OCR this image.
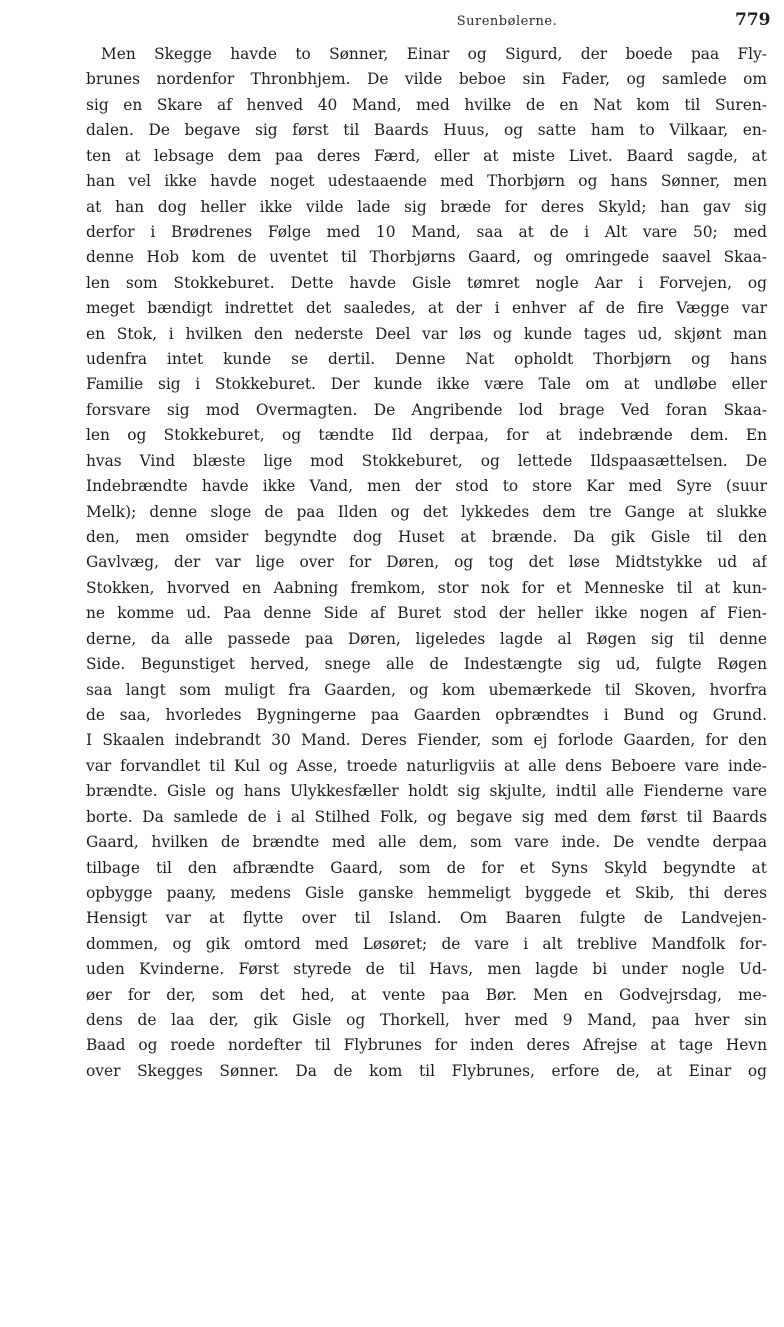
Surenbølerne.	779
Men Skegge havde to Sønner, Einar og Sigurd, der boede paa Fly-
brunes nordenfor Thronbhjem. De vilde beboe sin Fader, og samlede om
sig en Skare af henved 40 Mand, med hvilke de en Nat kom til Suren-
dalen. De begave sig først til Baards Huus, og satte ham to Vilkaar, en-
ten at lebsage dem paa deres Færd, eller at miste Livet. Baard sagde, at
han vel ikke havde noget udestaaende med Thorbjørn og hans Sønner, men
at han dog heller ikke vilde lade sig bræde for deres Skyld; han gav sig
derfor i Brødrenes Følge med 10 Mand, saa at de i Alt vare 50; med
denne Hob kom de uventet til Thorbjørns Gaard, og omringede saavel Skaa-
len som Stokkeburet. Dette havde Gisle tømret nogle Aar i Forvejen, og
meget bændigt indrettet det saaledes, at der i enhver af de fire Vægge var
en Stok, i hvilken den nederste Deel var løs og kunde tages ud, skjønt man
udenfra intet kunde se dertil. Denne Nat opholdt Thorbjørn og hans
Familie sig i Stokkeburet. Der kunde ikke være Tale om at undløbe eller
forsvare sig mod Overmagten. De Angribende lod brage Ved foran Skaa-
len og Stokkeburet, og tændte Ild derpaa, for at indebrænde dem. En
hvas Vind blæste lige mod Stokkeburet, og lettede Ildspaasættelsen. De
Indebrændte havde ikke Vand, men der stod to store Kar med Syre (suur
Melk); denne sloge de paa Ilden og det lykkedes dem tre Gange at slukke
den, men omsider begyndte dog Huset at brænde. Da gik Gisle til den
Gavlvæg, der var lige over for Døren, og tog det løse Midtstykke ud af
Stokken, hvorved en Aabning fremkom, stor nok for et Menneske til at kun-
ne komme ud. Paa denne Side af Buret stod der heller ikke nogen af Fien-
derne, da alle passede paa Døren, ligeledes lagde al Røgen sig til denne
Side. Begunstiget herved, snege alle de Indestængte sig ud, fulgte Røgen
saa langt som muligt fra Gaarden, og kom ubemærkede til Skoven, hvorfra
de saa, hvorledes Bygningerne paa Gaarden opbrændtes i Bund og Grund.
I Skaalen indebrandt 30 Mand. Deres Fiender, som ej forlode Gaarden, for den
var forvandlet til Kul og Asse, troede naturligviis at alle dens Beboere vare inde-
brændte. Gisle og hans Ulykkesfæller holdt sig skjulte, indtil alle Fienderne vare
borte. Da samlede de i al Stilhed Folk, og begave sig med dem først til Baards
Gaard, hvilken de brændte med alle dem, som vare inde. De vendte derpaa
tilbage til den afbrændte Gaard, som de for et Syns Skyld begyndte at
opbygge paany, medens Gisle ganske hemmeligt byggede et Skib, thi deres
Hensigt var at flytte over til Island. Om Baaren fulgte de Landvejen-
dommen, og gik omtord med Løsøret; de vare i alt treblive Mandfolk for-
uden Kvinderne. Først styrede de til Havs, men lagde bi under nogle Ud-
øer for der, som det hed, at vente paa Bør. Men en Godvejrsdag, me-
dens de laa der, gik Gisle og Thorkell, hver med 9 Mand, paa hver sin
Baad og roede nordefter til Flybrunes for inden deres Afrejse at tage Hevn
over Skegges Sønner. Da de kom til Flybrunes, erfore de, at Einar og
